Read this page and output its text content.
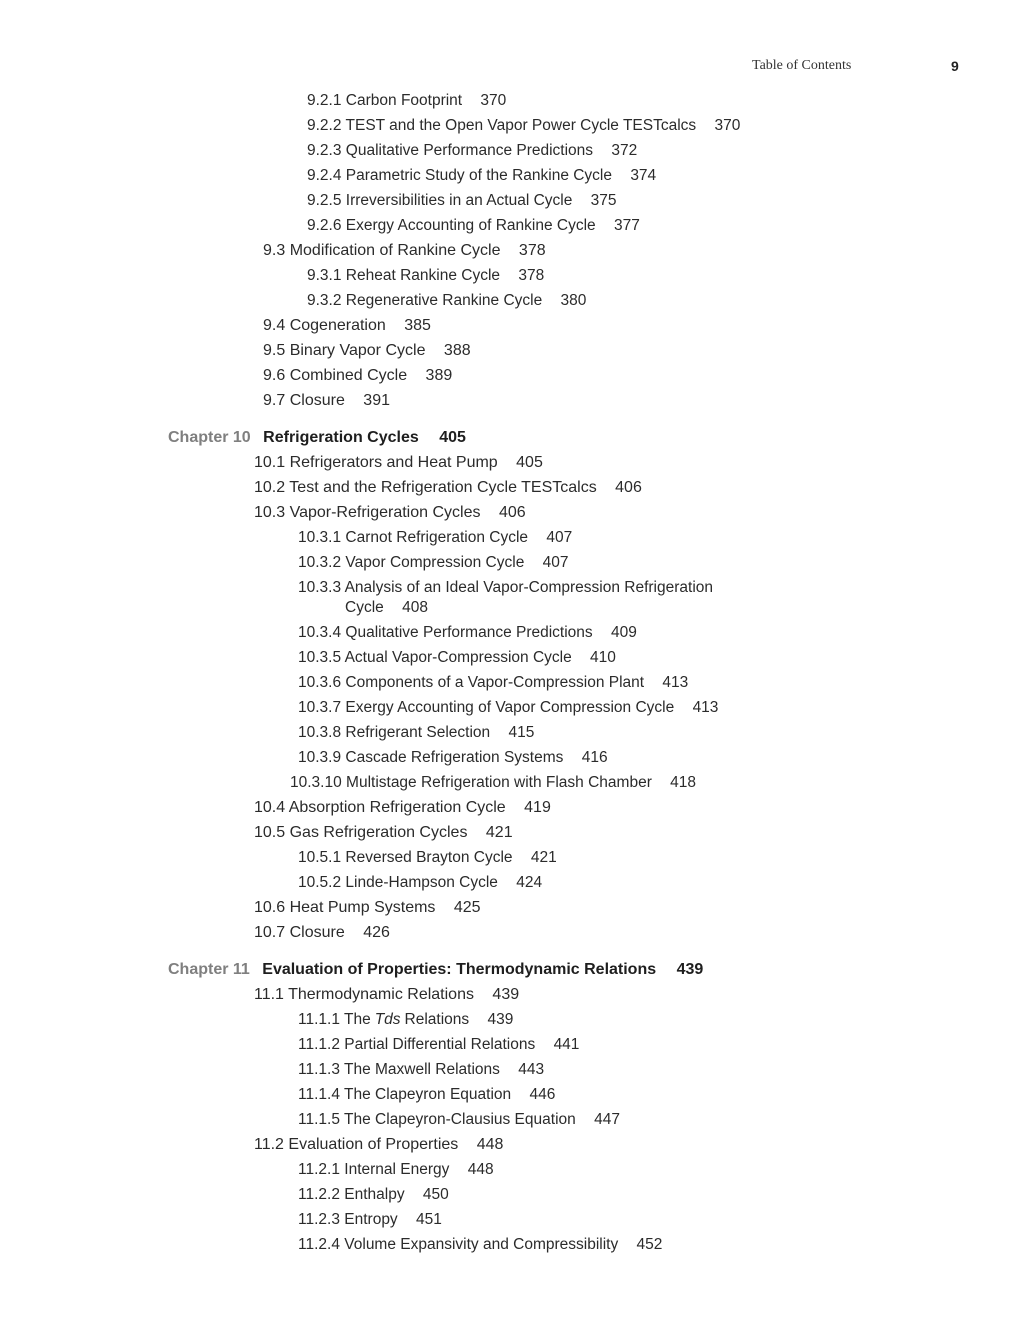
Table of Contents	9
9.2.1 Carbon Footprint 370
9.2.2 TEST and the Open Vapor Power Cycle TESTcalcs 370
9.2.3 Qualitative Performance Predictions 372
9.2.4 Parametric Study of the Rankine Cycle 374
9.2.5 Irreversibilities in an Actual Cycle 375
9.2.6 Exergy Accounting of Rankine Cycle 377
9.3 Modification of Rankine Cycle 378
9.3.1 Reheat Rankine Cycle 378
9.3.2 Regenerative Rankine Cycle 380
9.4 Cogeneration 385
9.5 Binary Vapor Cycle 388
9.6 Combined Cycle 389
9.7 Closure 391
Chapter 10 Refrigeration Cycles 405
10.1 Refrigerators and Heat Pump 405
10.2 Test and the Refrigeration Cycle TESTcalcs 406
10.3 Vapor-Refrigeration Cycles 406
10.3.1 Carnot Refrigeration Cycle 407
10.3.2 Vapor Compression Cycle 407
10.3.3 Analysis of an Ideal Vapor-Compression Refrigeration
Cycle 408
10.3.4 Qualitative Performance Predictions 409
10.3.5 Actual Vapor-Compression Cycle 410
10.3.6 Components of a Vapor-Compression Plant 413
10.3.7 Exergy Accounting of Vapor Compression Cycle 413
10.3.8 Refrigerant Selection 415
10.3.9 Cascade Refrigeration Systems 416
10.3.10 Multistage Refrigeration with Flash Chamber 418
10.4 Absorption Refrigeration Cycle 419
10.5 Gas Refrigeration Cycles 421
10.5.1 Reversed Brayton Cycle 421
10.5.2 Linde-Hampson Cycle 424
10.6 Heat Pump Systems 425
10.7 Closure 426
Chapter 11 Evaluation of Properties: Thermodynamic Relations 439
11.1 Thermodynamic Relations 439
11.1.1 The Tds Relations 439
11.1.2 Partial Differential Relations 441
11.1.3 The Maxwell Relations 443
11.1.4 The Clapeyron Equation 446
11.1.5 The Clapeyron-Clausius Equation 447
11.2 Evaluation of Properties 448
11.2.1 Internal Energy 448
11.2.2 Enthalpy 450
11.2.3 Entropy 451
11.2.4 Volume Expansivity and Compressibility 452
